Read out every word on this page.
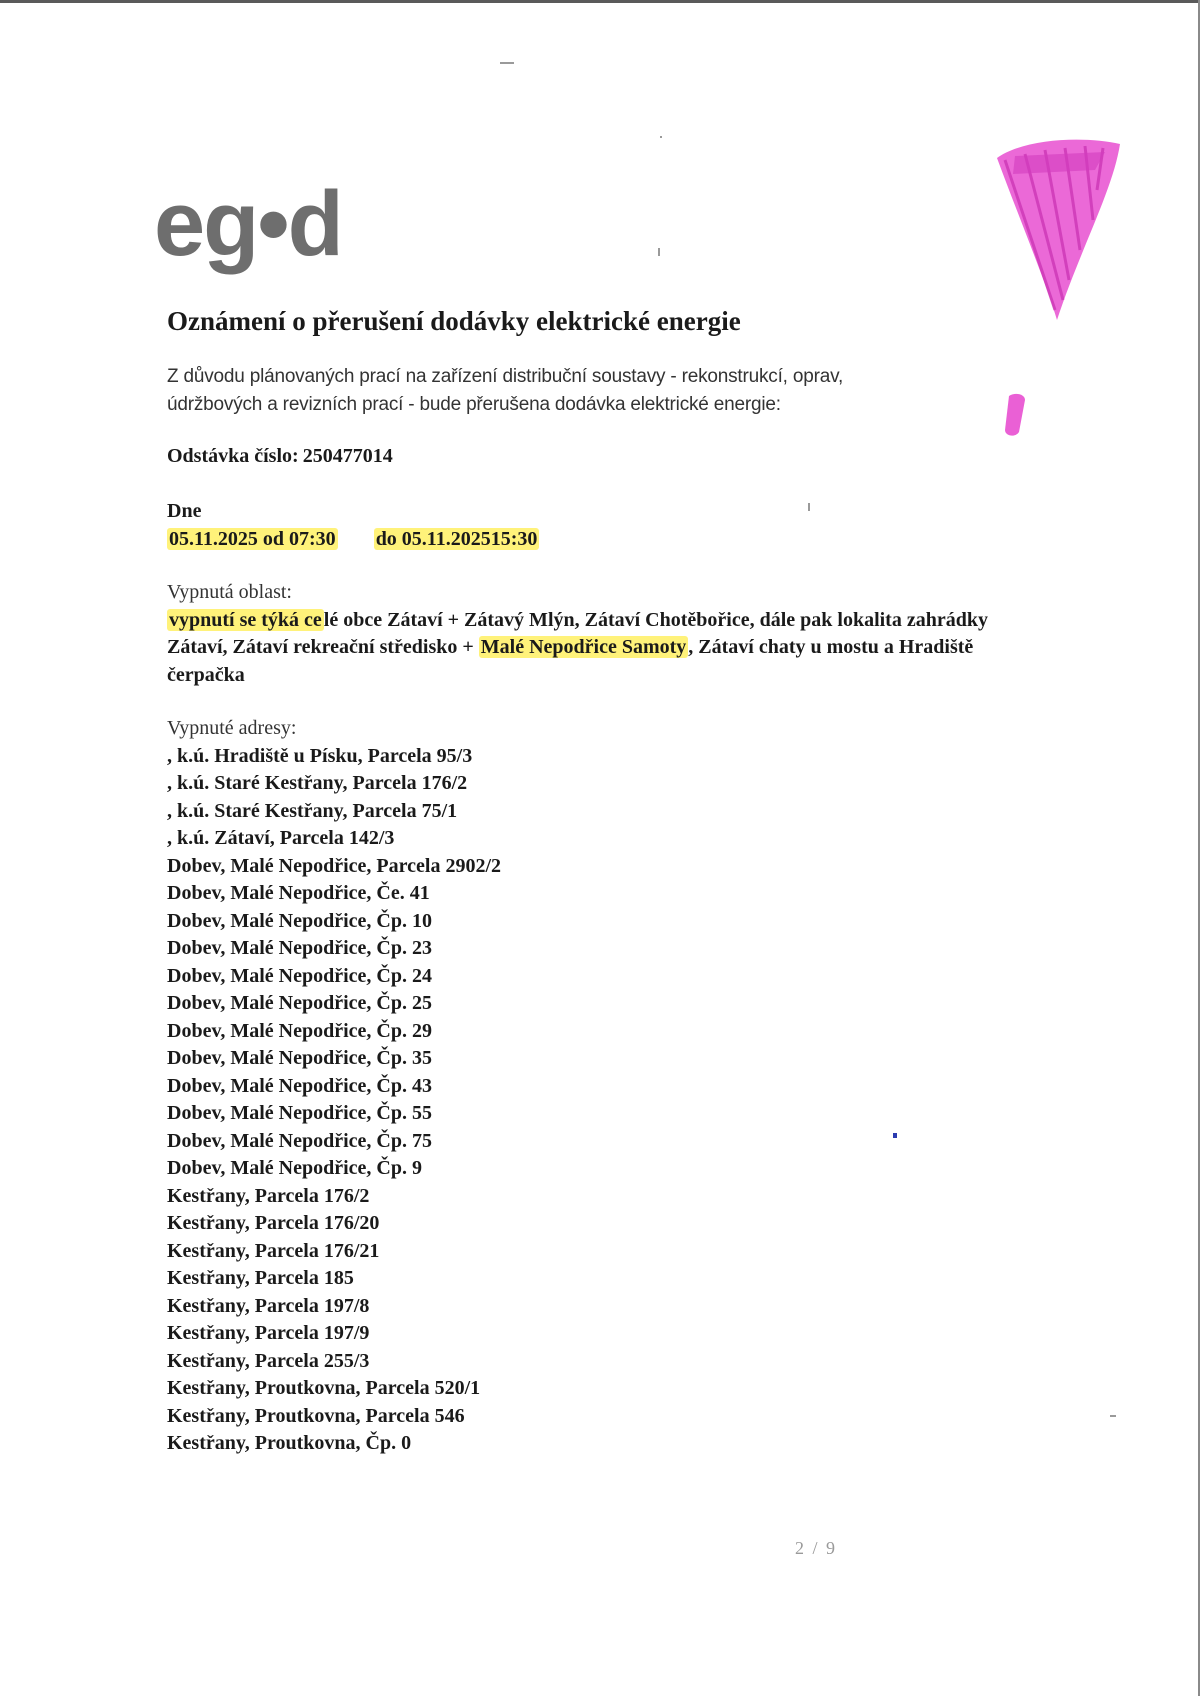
eg•d
Oznámení o přerušení dodávky elektrické energie
Z důvodu plánovaných prací na zařízení distribuční soustavy - rekonstrukcí, oprav,
údržbových a revizních prací - bude přerušena dodávka elektrické energie:
Odstávka číslo: 250477014
Dne
05.11.2025 od 07:30 do 05.11.202515:30
Vypnutá oblast:
vypnutí se týká ce lé obce Zátaví + Zátavý Mlýn, Zátaví Chotěbořice, dále pak lokalita zahrádky
Zátaví, Zátaví rekreační středisko + Malé Nepodřice Samoty , Zátaví chaty u mostu a Hradiště
čerpačka
Vypnuté adresy:
, k.ú. Hradiště u Písku, Parcela 95/3
, k.ú. Staré Kestřany, Parcela 176/2
, k.ú. Staré Kestřany, Parcela 75/1
, k.ú. Zátaví, Parcela 142/3
Dobev, Malé Nepodřice, Parcela 2902/2
Dobev, Malé Nepodřice, Če. 41
Dobev, Malé Nepodřice, Čp. 10
Dobev, Malé Nepodřice, Čp. 23
Dobev, Malé Nepodřice, Čp. 24
Dobev, Malé Nepodřice, Čp. 25
Dobev, Malé Nepodřice, Čp. 29
Dobev, Malé Nepodřice, Čp. 35
Dobev, Malé Nepodřice, Čp. 43
Dobev, Malé Nepodřice, Čp. 55
Dobev, Malé Nepodřice, Čp. 75
Dobev, Malé Nepodřice, Čp. 9
Kestřany, Parcela 176/2
Kestřany, Parcela 176/20
Kestřany, Parcela 176/21
Kestřany, Parcela 185
Kestřany, Parcela 197/8
Kestřany, Parcela 197/9
Kestřany, Parcela 255/3
Kestřany, Proutkovna, Parcela 520/1
Kestřany, Proutkovna, Parcela 546
Kestřany, Proutkovna, Čp. 0
2 / 9
